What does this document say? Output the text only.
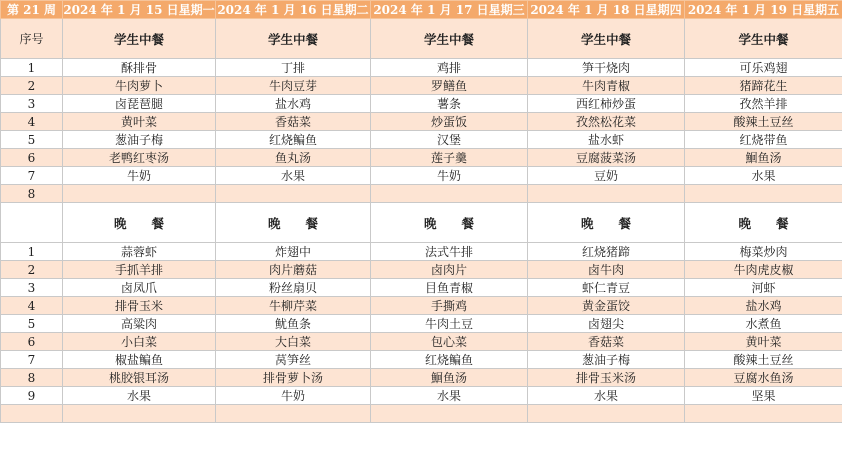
第 21 周	2024 年 1 月 15 日星期一	2024 年 1 月 16 日星期二	2024 年 1 月 17 日星期三	2024 年 1 月 18 日星期四	2024 年 1 月 19 日星期五
序号	学生中餐	学生中餐	学生中餐	学生中餐	学生中餐
1	酥排骨	丁排	鸡排	笋干烧肉	可乐鸡翅
2	牛肉萝卜	牛肉豆芽	罗鳝鱼	牛肉青椒	猪蹄花生
3	卤琵琶腿	盐水鸡	薯条	西红柿炒蛋	孜然羊排
4	黄叶菜	香菇菜	炒蛋饭	孜然松花菜	酸辣土豆丝
5	葱油子梅	红烧鳊鱼	汉堡	盐水虾	红烧带鱼
6	老鸭红枣汤	鱼丸汤	莲子羹	豆腐菠菜汤	鮰鱼汤
7	牛奶	水果	牛奶	豆奶	水果
8					
	晚　　餐	晚　　餐	晚　　餐	晚　　餐	晚　　餐
1	蒜蓉虾	炸翅中	法式牛排	红烧猪蹄	梅菜炒肉
2	手抓羊排	肉片蘑菇	卤肉片	卤牛肉	牛肉虎皮椒
3	卤凤爪	粉丝扇贝	目鱼青椒	虾仁青豆	河虾
4	排骨玉米	牛柳芹菜	手撕鸡	黄金蛋饺	盐水鸡
5	高粱肉	鱿鱼条	牛肉土豆	卤翅尖	水煮鱼
6	小白菜	大白菜	包心菜	香菇菜	黄叶菜
7	椒盐鳊鱼	莴笋丝	红烧鳊鱼	葱油子梅	酸辣土豆丝
8	桃胶银耳汤	排骨萝卜汤	鮰鱼汤	排骨玉米汤	豆腐水鱼汤
9	水果	牛奶	水果	水果	坚果
